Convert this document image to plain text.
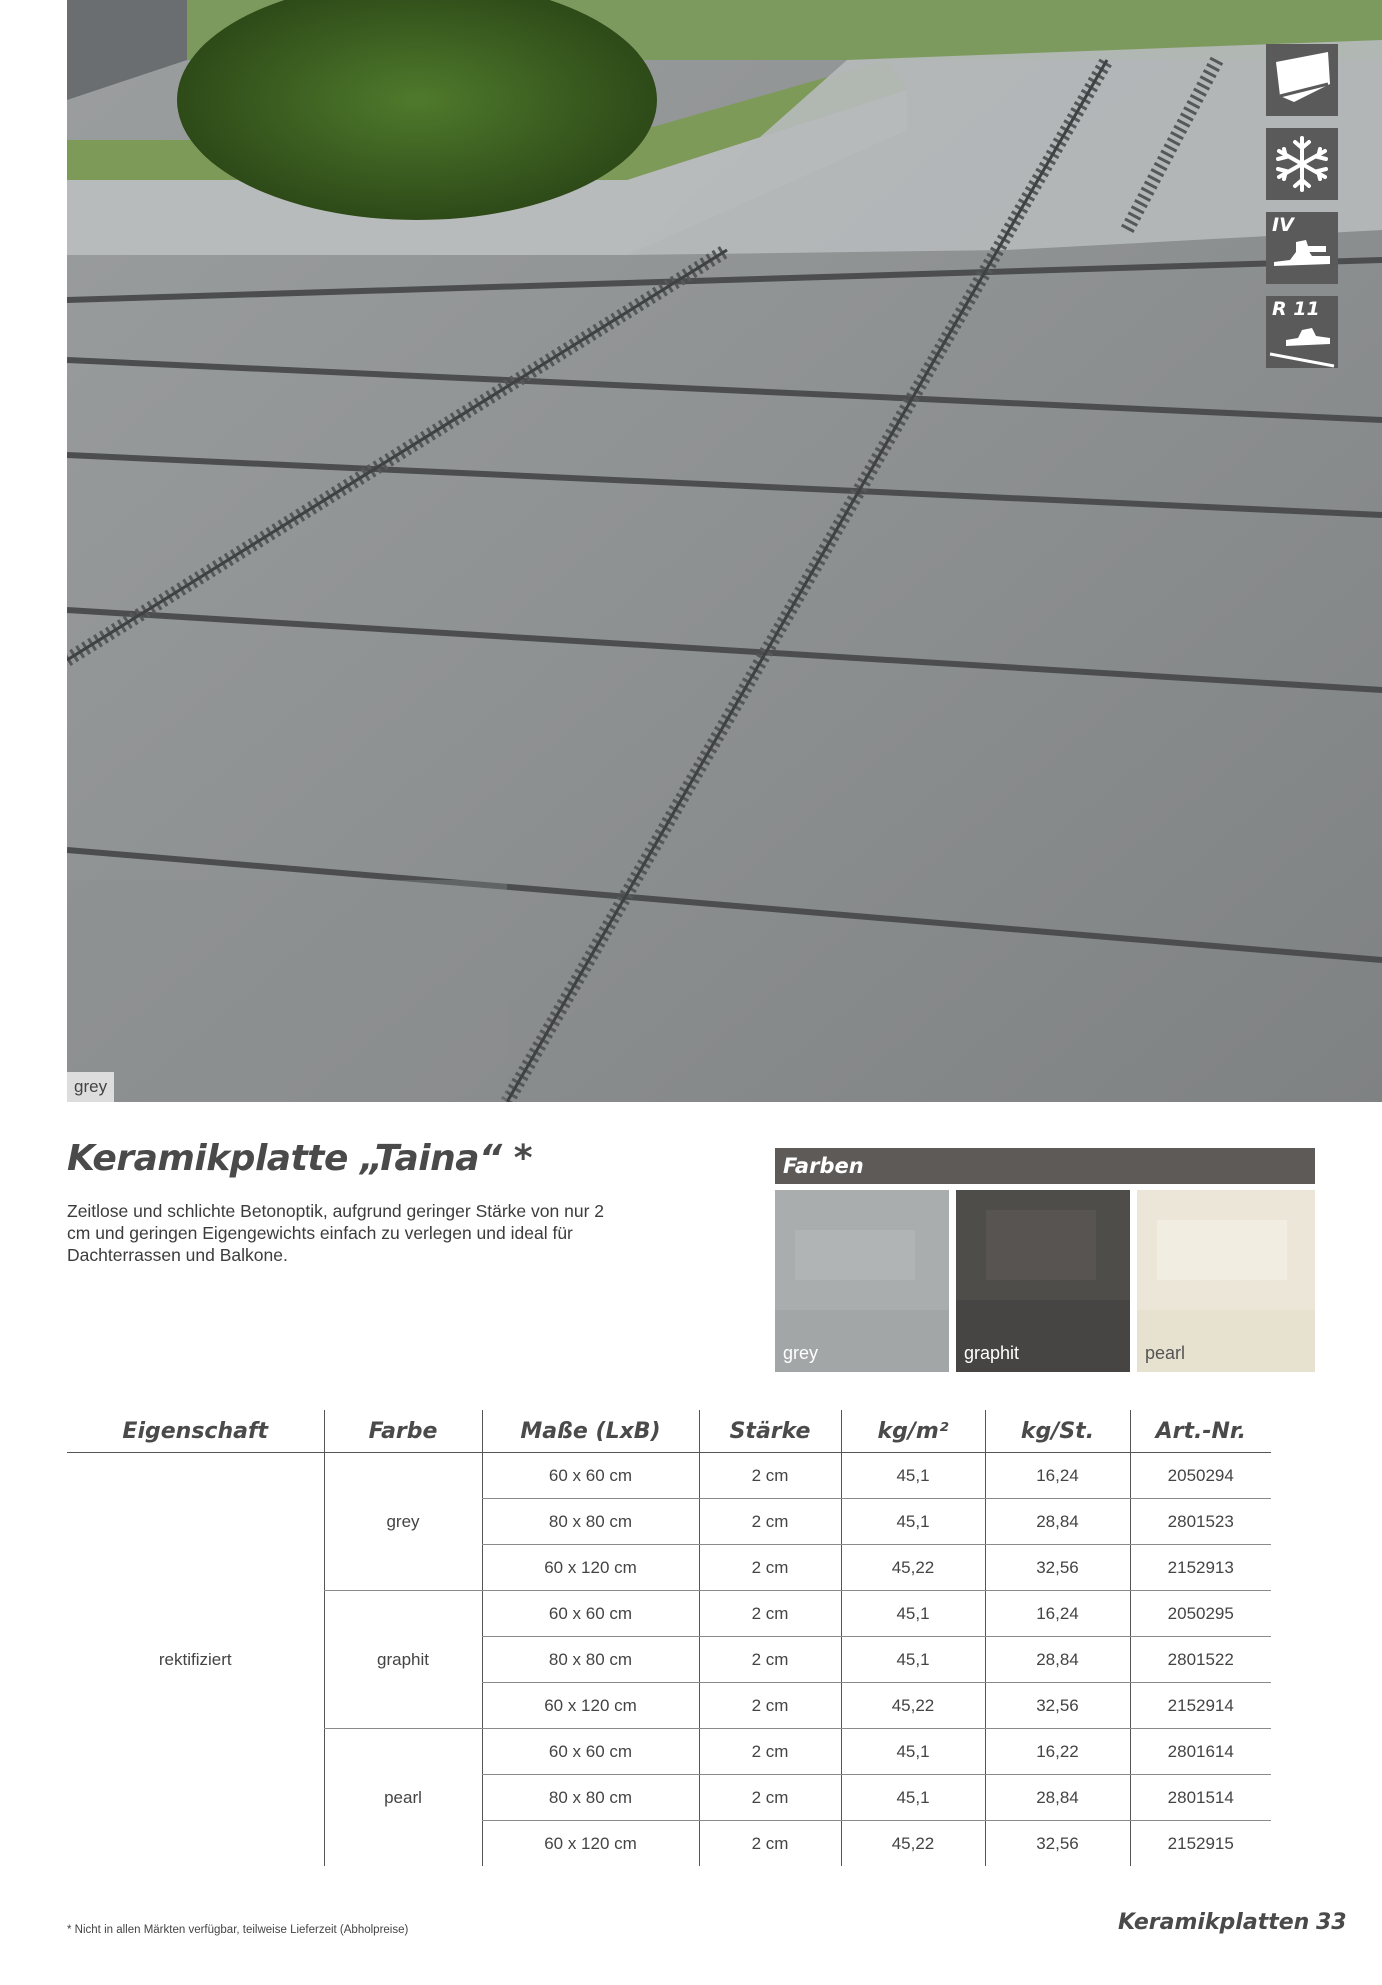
grey
IV
R 11
Keramikplatte „Taina“ *
Zeitlose und schlichte Betonoptik, aufgrund geringer Stärke von nur 2 cm und geringen Eigengewichts einfach zu verlegen und ideal für Dachterrassen und Balkone.
Farben
grey	graphit	pearl
Eigenschaft	Farbe	Maße (LxB)	Stärke	kg/m²	kg/St.	Art.-Nr.
rektifiziert	grey	60 x 60 cm	2 cm	45,1	16,24	2050294
		80 x 80 cm	2 cm	45,1	28,84	2801523
		60 x 120 cm	2 cm	45,22	32,56	2152913
	graphit	60 x 60 cm	2 cm	45,1	16,24	2050295
		80 x 80 cm	2 cm	45,1	28,84	2801522
		60 x 120 cm	2 cm	45,22	32,56	2152914
	pearl	60 x 60 cm	2 cm	45,1	16,22	2801614
		80 x 80 cm	2 cm	45,1	28,84	2801514
		60 x 120 cm	2 cm	45,22	32,56	2152915
* Nicht in allen Märkten verfügbar, teilweise Lieferzeit (Abholpreise)	Keramikplatten 33
